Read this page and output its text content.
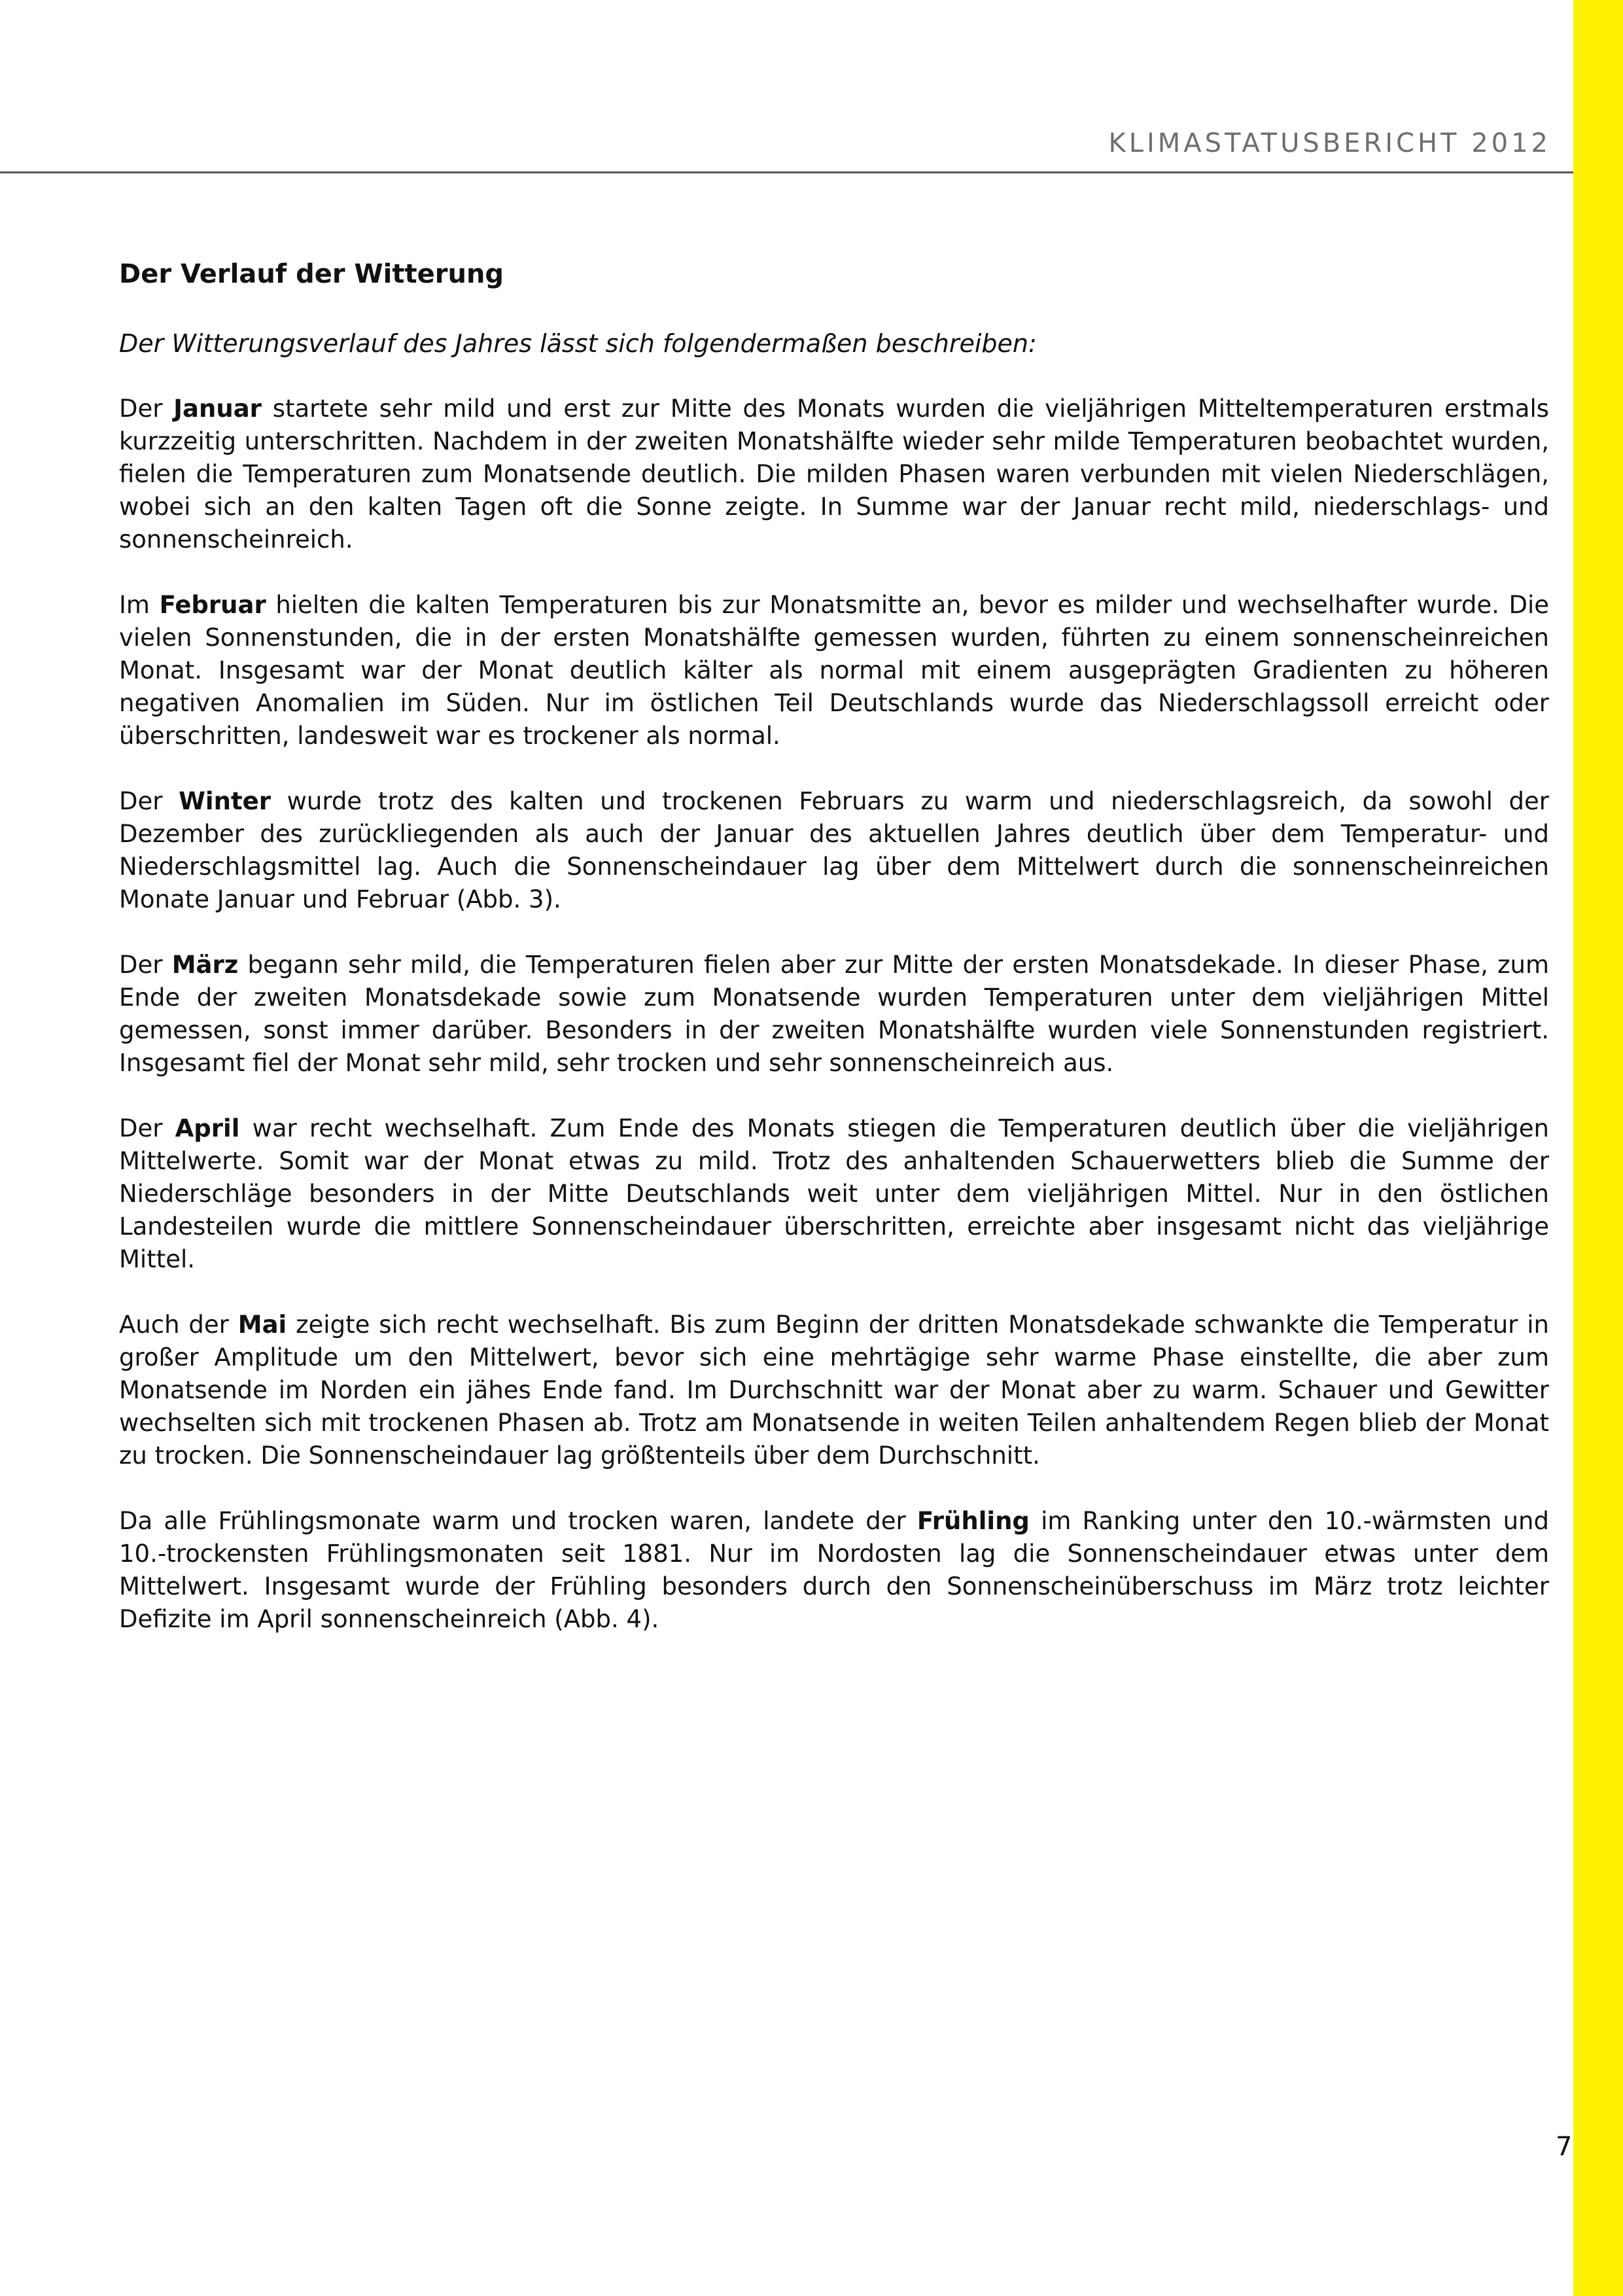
KLIMASTATUSBERICHT 2012
Der Verlauf der Witterung

Der Witterungsverlauf des Jahres lässt sich folgendermaßen beschreiben:

Der Januar startete sehr mild und erst zur Mitte des Monats wurden die vieljährigen Mitteltemperaturen erstmals kurzzeitig unterschritten. Nachdem in der zweiten Monatshälfte wieder sehr milde Temperaturen beobachtet wurden, fielen die Temperaturen zum Monatsende deutlich. Die milden Phasen waren verbunden mit vielen Niederschlägen, wobei sich an den kalten Tagen oft die Sonne zeigte. In Summe war der Januar recht mild, niederschlags- und sonnenscheinreich.

Im Februar hielten die kalten Temperaturen bis zur Monatsmitte an, bevor es milder und wechselhafter wurde. Die vielen Sonnenstunden, die in der ersten Monatshälfte gemessen wurden, führten zu einem sonnenscheinreichen Monat. Insgesamt war der Monat deutlich kälter als normal mit einem ausgeprägten Gradienten zu höheren negativen Anomalien im Süden. Nur im östlichen Teil Deutschlands wurde das Niederschlagssoll erreicht oder überschritten, landesweit war es trockener als normal.

Der Winter wurde trotz des kalten und trockenen Februars zu warm und niederschlagsreich, da sowohl der Dezember des zurückliegenden als auch der Januar des aktuellen Jahres deutlich über dem Temperatur- und Niederschlagsmittel lag. Auch die Sonnenscheindauer lag über dem Mittelwert durch die sonnenscheinreichen Monate Januar und Februar (Abb. 3).

Der März begann sehr mild, die Temperaturen fielen aber zur Mitte der ersten Monatsdekade. In dieser Phase, zum Ende der zweiten Monatsdekade sowie zum Monatsende wurden Temperaturen unter dem vieljährigen Mittel gemessen, sonst immer darüber. Besonders in der zweiten Monatshälfte wurden viele Sonnenstunden registriert. Insgesamt fiel der Monat sehr mild, sehr trocken und sehr sonnenscheinreich aus.

Der April war recht wechselhaft. Zum Ende des Monats stiegen die Temperaturen deutlich über die vieljährigen Mittelwerte. Somit war der Monat etwas zu mild. Trotz des anhaltenden Schauerwetters blieb die Summe der Niederschläge besonders in der Mitte Deutschlands weit unter dem vieljährigen Mittel. Nur in den östlichen Landesteilen wurde die mittlere Sonnenscheindauer überschritten, erreichte aber insgesamt nicht das vieljährige Mittel.

Auch der Mai zeigte sich recht wechselhaft. Bis zum Beginn der dritten Monatsdekade schwankte die Temperatur in großer Amplitude um den Mittelwert, bevor sich eine mehrtägige sehr warme Phase einstellte, die aber zum Monatsende im Norden ein jähes Ende fand. Im Durchschnitt war der Monat aber zu warm. Schauer und Gewitter wechselten sich mit trockenen Phasen ab. Trotz am Monatsende in weiten Teilen anhaltendem Regen blieb der Monat zu trocken. Die Sonnenscheindauer lag größtenteils über dem Durchschnitt.

Da alle Frühlingsmonate warm und trocken waren, landete der Frühling im Ranking unter den 10.-wärmsten und 10.-trockensten Frühlingsmonaten seit 1881. Nur im Nordosten lag die Sonnenscheindauer etwas unter dem Mittelwert. Insgesamt wurde der Frühling besonders durch den Sonnenscheinüberschuss im März trotz leichter Defizite im April sonnenscheinreich (Abb. 4).

7
